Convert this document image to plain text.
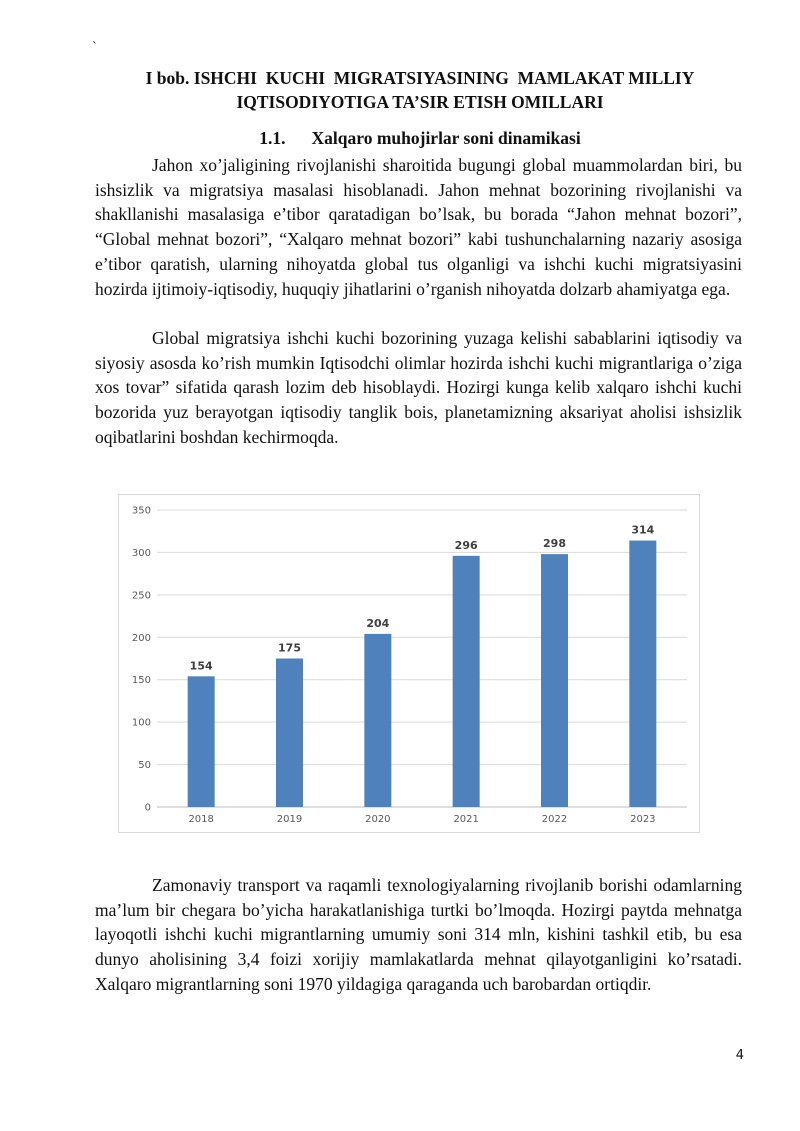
`
I bob. ISHCHI  KUCHI  MIGRATSIYASINING  MAMLAKAT MILLIY
IQTISODIYOTIGA TA’SIR ETISH OMILLARI
1.1. Xalqaro muhojirlar soni dinamikasi

Jahon xo’jaligining rivojlanishi sharoitida bugungi global muammolardan biri, bu ishsizlik va migratsiya masalasi hisoblanadi. Jahon mehnat bozorining rivojlanishi va shakllanishi masalasiga e’tibor qaratadigan bo’lsak, bu borada “Jahon mehnat bozori”, “Global mehnat bozori”, “Xalqaro mehnat bozori” kabi tushunchalarning nazariy asosiga e’tibor qaratish, ularning nihoyatda global tus olganligi va ishchi kuchi migratsiyasini hozirda ijtimoiy-iqtisodiy, huquqiy jihatlarini o’rganish nihoyatda dolzarb ahamiyatga ega.

Global migratsiya ishchi kuchi bozorining yuzaga kelishi sabablarini iqtisodiy va siyosiy asosda ko’rish mumkin Iqtisodchi olimlar hozirda ishchi kuchi migrantlariga o’ziga xos tovar” sifatida qarash lozim deb hisoblaydi. Hozirgi kunga kelib xalqaro ishchi kuchi bozorida yuz berayotgan iqtisodiy tanglik bois, planetamizning aksariyat aholisi ishsizlik oqibatlarini boshdan kechirmoqda.

0
50
100
150
200
250
300
350
154
2018
175
2019
204
2020
296
2021
298
2022
314
2023

Zamonaviy transport va raqamli texnologiyalarning rivojlanib borishi odamlarning ma’lum bir chegara bo’yicha harakatlanishiga turtki bo’lmoqda. Hozirgi paytda mehnatga layoqotli ishchi kuchi migrantlarning umumiy soni 314 mln, kishini tashkil etib, bu esa dunyo aholisining 3,4 foizi xorijiy mamlakatlarda mehnat qilayotganligini ko’rsatadi. Xalqaro migrantlarning soni 1970 yildagiga qaraganda uch barobardan ortiqdir.

4
